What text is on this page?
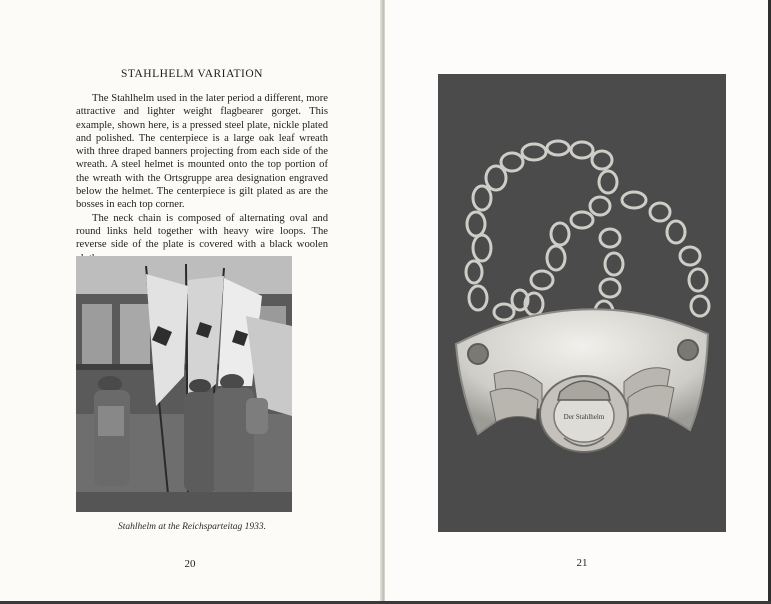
STAHLHELM VARIATION

The Stahlhelm used in the later period a different, more attractive and lighter weight flagbearer gorget. This example, shown here, is a pressed steel plate, nickle plated and polished. The centerpiece is a large oak leaf wreath with three draped banners projecting from each side of the wreath. A steel helmet is mounted onto the top portion of the wreath with the Ortsgruppe area designation engraved below the helmet. The centerpiece is gilt plated as are the bosses in each top corner.

The neck chain is composed of alternating oval and round links held together with heavy wire loops. The reverse side of the plate is covered with a black woolen

Stahlhelm at the Reichsparteitag 1933.
20
Der Stahlhelm
21
